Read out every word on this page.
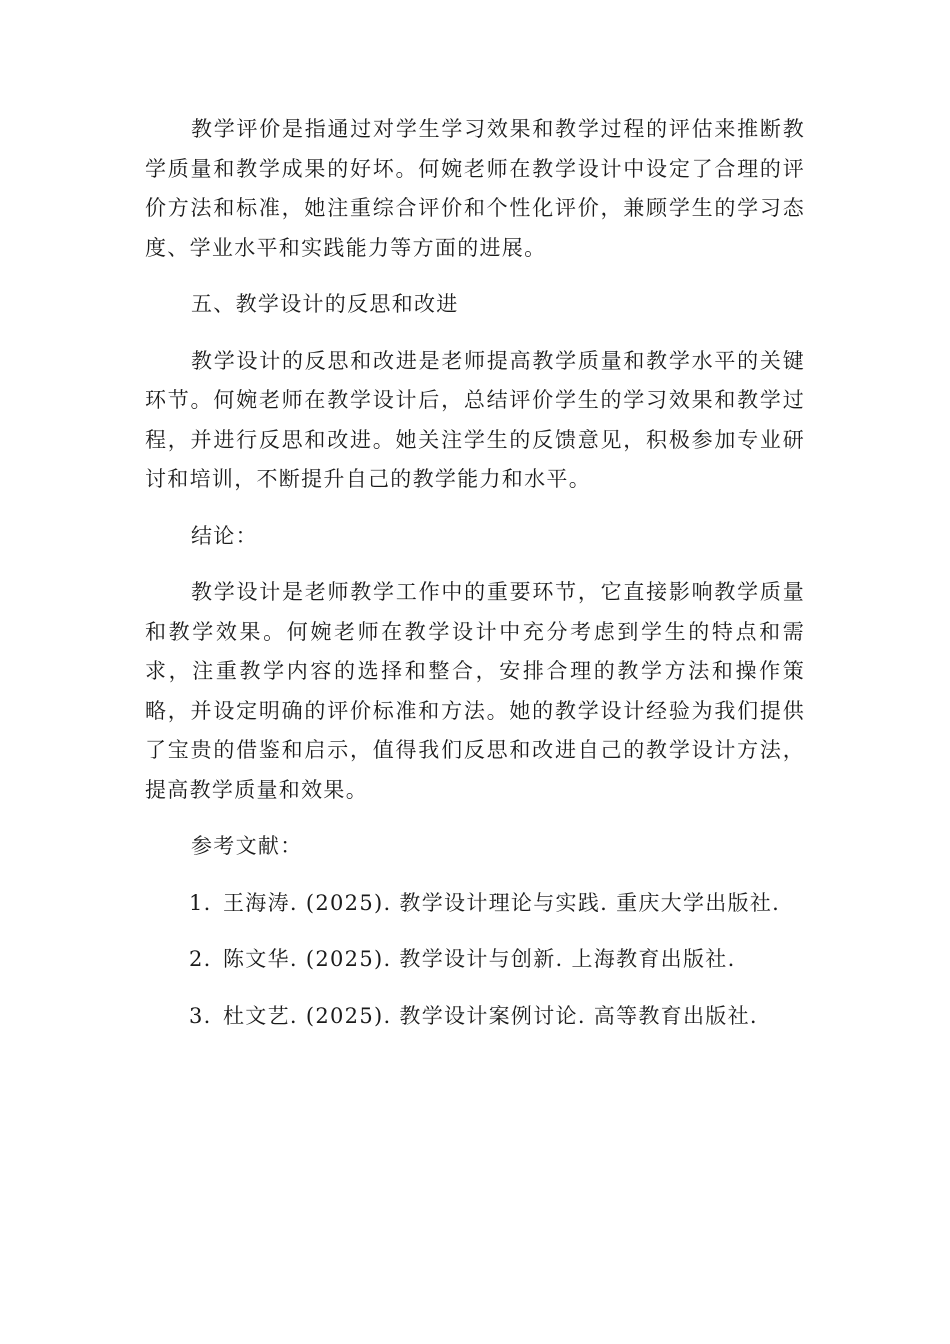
教学评价是指通过对学生学习效果和教学过程的评估来推断教学质量和教学成果的好坏。何婉老师在教学设计中设定了合理的评价方法和标准，她注重综合评价和个性化评价，兼顾学生的学习态度、学业水平和实践能力等方面的进展。

五、教学设计的反思和改进

教学设计的反思和改进是老师提高教学质量和教学水平的关键环节。何婉老师在教学设计后，总结评价学生的学习效果和教学过程，并进行反思和改进。她关注学生的反馈意见，积极参加专业研讨和培训，不断提升自己的教学能力和水平。

结论：

教学设计是老师教学工作中的重要环节，它直接影响教学质量和教学效果。何婉老师在教学设计中充分考虑到学生的特点和需求，注重教学内容的选择和整合，安排合理的教学方法和操作策略，并设定明确的评价标准和方法。她的教学设计经验为我们提供了宝贵的借鉴和启示，值得我们反思和改进自己的教学设计方法，提高教学质量和效果。

参考文献：

1. 王海涛. (2025). 教学设计理论与实践. 重庆大学出版社.

2. 陈文华. (2025). 教学设计与创新. 上海教育出版社.

3. 杜文艺. (2025). 教学设计案例讨论. 高等教育出版社.
